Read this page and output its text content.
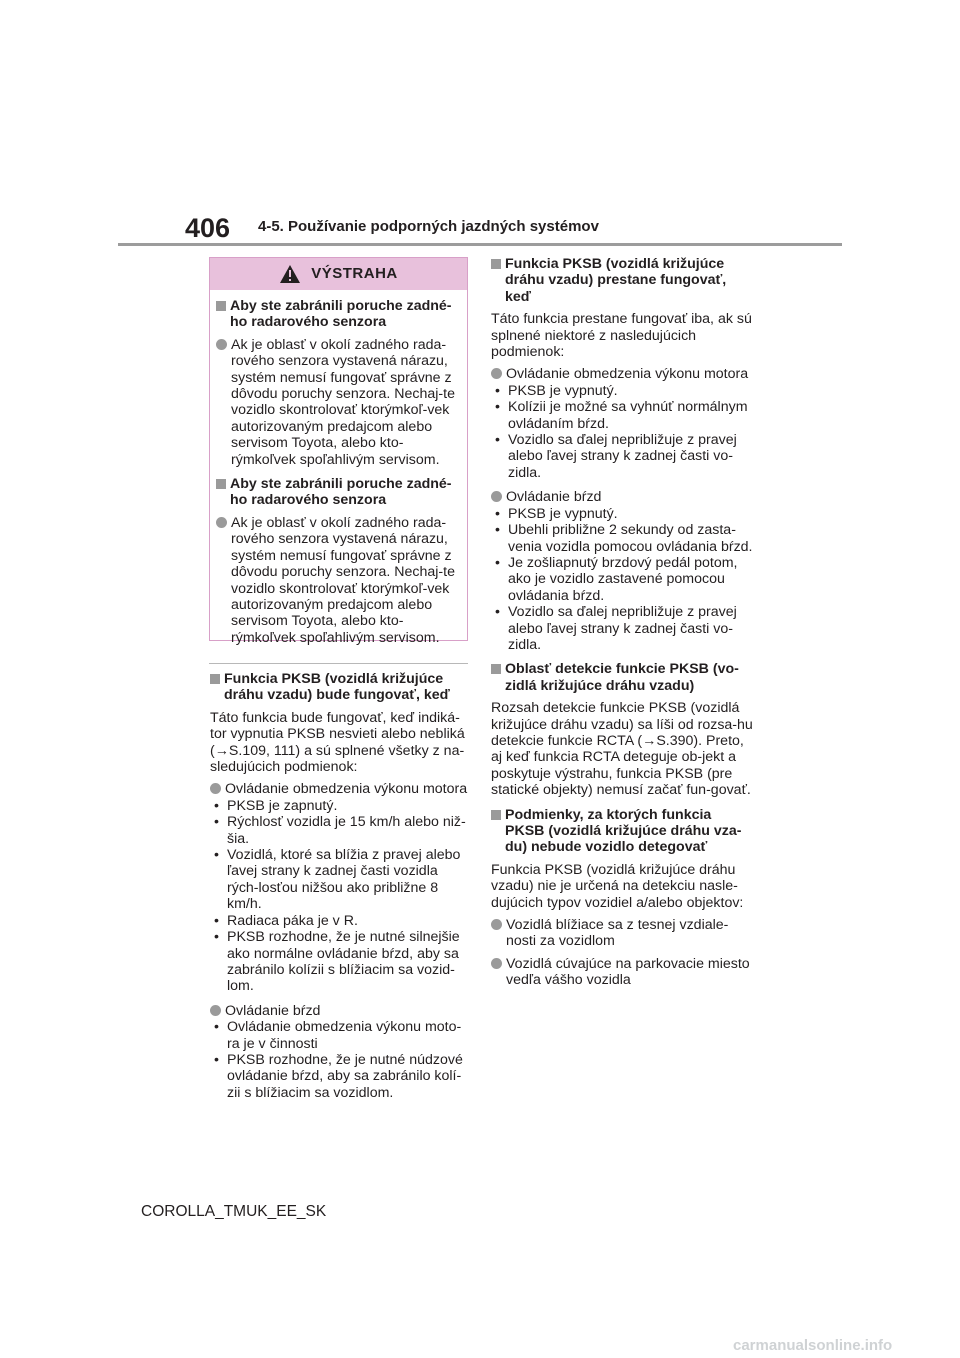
406 4-5. Používanie podporných jazdných systémov
VÝSTRAHA
Aby ste zabránili poruche zadné-ho radarového senzora
Ak je oblasť v okolí zadného rada-rového senzora vystavená nárazu, systém nemusí fungovať správne z dôvodu poruchy senzora. Nechaj-te vozidlo skontrolovať ktorýmkoľ-vek autorizovaným predajcom alebo servisom Toyota, alebo kto-rýmkoľvek spoľahlivým servisom.
Aby ste zabránili poruche zadné-ho radarového senzora
Ak je oblasť v okolí zadného rada-rového senzora vystavená nárazu, systém nemusí fungovať správne z dôvodu poruchy senzora. Nechaj-te vozidlo skontrolovať ktorýmkoľ-vek autorizovaným predajcom alebo servisom Toyota, alebo kto-rýmkoľvek spoľahlivým servisom.
Funkcia PKSB (vozidlá križujúce dráhu vzadu) bude fungovať, keď
Táto funkcia bude fungovať, keď indiká-tor vypnutia PKSB nesvieti alebo nebliká (→S.109, 111) a sú splnené všetky z na-sledujúcich podmienok:
Ovládanie obmedzenia výkonu motora
• PKSB je zapnutý.
• Rýchlosť vozidla je 15 km/h alebo niž-šia.
• Vozidlá, ktoré sa blížia z pravej alebo ľavej strany k zadnej časti vozidla rých-losťou nižšou ako približne 8 km/h.
• Radiaca páka je v R.
• PKSB rozhodne, že je nutné silnejšie ako normálne ovládanie bŕzd, aby sa zabránilo kolízii s blížiacim sa vozid-lom.
Ovládanie bŕzd
• Ovládanie obmedzenia výkonu moto-ra je v činnosti
• PKSB rozhodne, že je nutné núdzové ovládanie bŕzd, aby sa zabránilo kolí-zii s blížiacim sa vozidlom.
Funkcia PKSB (vozidlá križujúce dráhu vzadu) prestane fungovať, keď
Táto funkcia prestane fungovať iba, ak sú splnené niektoré z nasledujúcich podmienok:
Ovládanie obmedzenia výkonu motora
• PKSB je vypnutý.
• Kolízii je možné sa vyhnúť normálnym ovládaním bŕzd.
• Vozidlo sa ďalej nepribližuje z pravej alebo ľavej strany k zadnej časti vo-zidla.
Ovládanie bŕzd
• PKSB je vypnutý.
• Ubehli približne 2 sekundy od zasta-venia vozidla pomocou ovládania bŕzd.
• Je zošliapnutý brzdový pedál potom, ako je vozidlo zastavené pomocou ovládania bŕzd.
• Vozidlo sa ďalej nepribližuje z pravej alebo ľavej strany k zadnej časti vo-zidla.
Oblasť detekcie funkcie PKSB (vo-zidlá križujúce dráhu vzadu)
Rozsah detekcie funkcie PKSB (vozidlá križujúce dráhu vzadu) sa líši od rozsa-hu detekcie funkcie RCTA (→S.390). Preto, aj keď funkcia RCTA deteguje ob-jekt a poskytuje výstrahu, funkcia PKSB (pre statické objekty) nemusí začať fun-govať.
Podmienky, za ktorých funkcia PKSB (vozidlá križujúce dráhu vza-du) nebude vozidlo detegovať
Funkcia PKSB (vozidlá križujúce dráhu vzadu) nie je určená na detekciu nasle-dujúcich typov vozidiel a/alebo objektov:
Vozidlá blížiace sa z tesnej vzdiale-nosti za vozidlom
Vozidlá cúvajúce na parkovacie miesto vedľa vášho vozidla
COROLLA_TMUK_EE_SK
carmanualsonline.info
